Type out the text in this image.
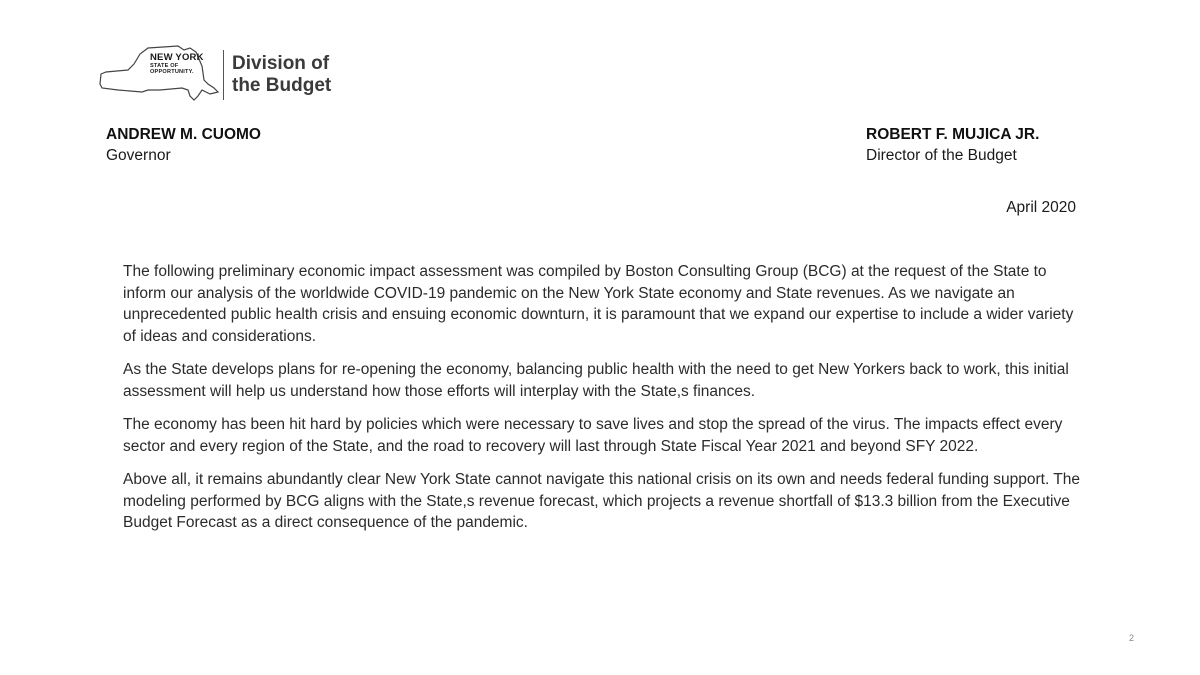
NEW YORK
STATE OF
OPPORTUNITY.	Division of
the Budget
ANDREW M. CUOMO
Governor
ROBERT F. MUJICA JR.
Director of the Budget
April 2020

The following preliminary economic impact assessment was compiled by Boston Consulting Group (BCG) at the request of the State to inform our analysis of the worldwide COVID-19 pandemic on the New York State economy and State revenues. As we navigate an unprecedented public health crisis and ensuing economic downturn, it is paramount that we expand our expertise to include a wider variety of ideas and considerations.

As the State develops plans for re-opening the economy, balancing public health with the need to get New Yorkers back to work, this initial assessment will help us understand how those efforts will interplay with the State,s finances.

The economy has been hit hard by policies which were necessary to save lives and stop the spread of the virus. The impacts effect every sector and every region of the State, and the road to recovery will last through State Fiscal Year 2021 and beyond SFY 2022.

Above all, it remains abundantly clear New York State cannot navigate this national crisis on its own and needs federal funding support. The modeling performed by BCG aligns with the State,s revenue forecast, which projects a revenue shortfall of $13.3 billion from the Executive Budget Forecast as a direct consequence of the pandemic.

2
